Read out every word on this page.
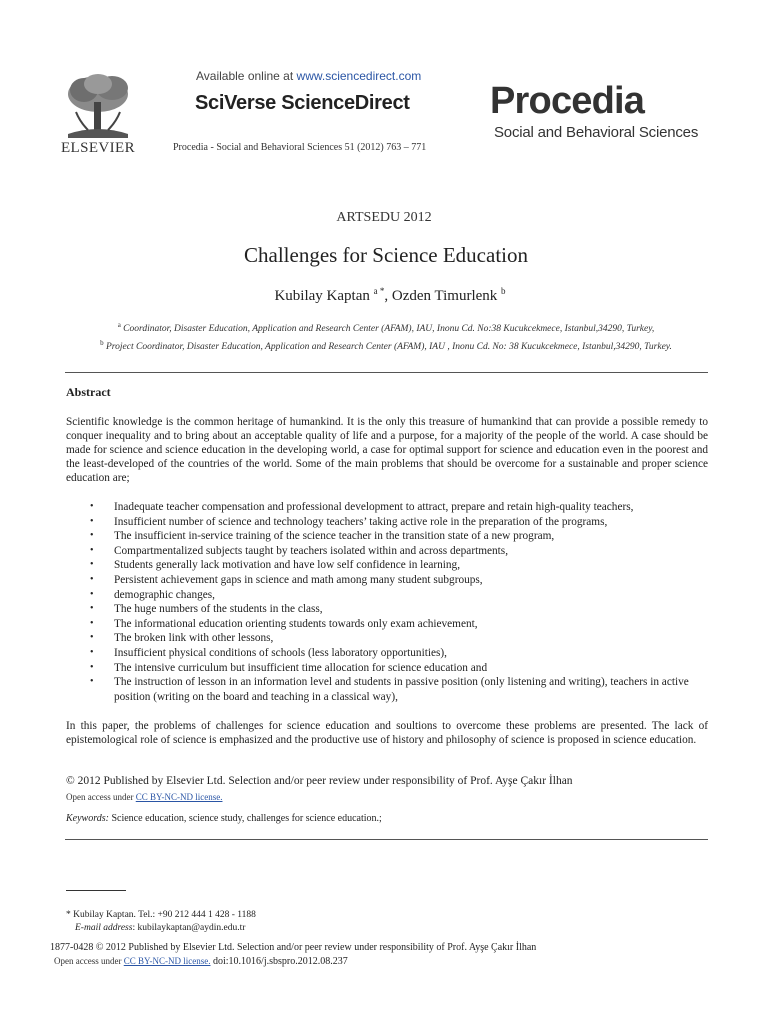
ELSEVIER
Available online at www.sciencedirect.com
SciVerse ScienceDirect
Procedia - Social and Behavioral Sciences 51 (2012) 763 – 771
Procedia
Social and Behavioral Sciences
ARTSEDU 2012
Challenges for Science Education
Kubilay Kaptan $^{a *}$, Ozden Timurlenk $^b$
$^a$ Coordinator, Disaster Education, Application and Research Center (AFAM), IAU, Inonu Cd. No:38 Kucukcekmece, Istanbul,34290, Turkey,
$^b$ Project Coordinator, Disaster Education, Application and Research Center (AFAM), IAU , Inonu Cd. No: 38 Kucukcekmece, Istanbul,34290, Turkey.
Abstract
Scientific knowledge is the common heritage of humankind. It is the only this treasure of humankind that can provide a possible remedy to conquer inequality and to bring about an acceptable quality of life and a purpose, for a majority of the people of the world. A case should be made for science and science education in the developing world, a case for optimal support for science and education even in the poorest and the least-developed of the countries of the world. Some of the main problems that should be overcome for a sustainable and proper science education are;
• Inadequate teacher compensation and professional development to attract, prepare and retain high-quality teachers,
• Insufficient number of science and technology teachers’ taking active role in the preparation of the programs,
• The insufficient in-service training of the science teacher in the transition state of a new program,
• Compartmentalized subjects taught by teachers isolated within and across departments,
• Students generally lack motivation and have low self confidence in learning,
• Persistent achievement gaps in science and math among many student subgroups,
• demographic changes,
• The huge numbers of the students in the class,
• The informational education orienting students towards only exam achievement,
• The broken link with other lessons,
• Insufficient physical conditions of schools (less laboratory opportunities),
• The intensive curriculum but insufficient time allocation for science education and
• The instruction of lesson in an information level and students in passive position (only listening and writing), teachers in active position (writing on the board and teaching in a classical way),
In this paper, the problems of challenges for science education and soultions to overcome these problems are presented. The lack of epistemological role of science is emphasized and the productive use of history and philosophy of science is proposed in science education.
© 2012 Published by Elsevier Ltd. Selection and/or peer review under responsibility of Prof. Ayşe Çakır İlhan
Open access under CC BY-NC-ND license.
Keywords: Science education, science study, challenges for science education.;
* Kubilay Kaptan. Tel.: +90 212 444 1 428 - 1188
E-mail address: kubilaykaptan@aydin.edu.tr
1877-0428 © 2012 Published by Elsevier Ltd. Selection and/or peer review under responsibility of Prof. Ayşe Çakır İlhan
Open access under CC BY-NC-ND license. doi:10.1016/j.sbspro.2012.08.237
